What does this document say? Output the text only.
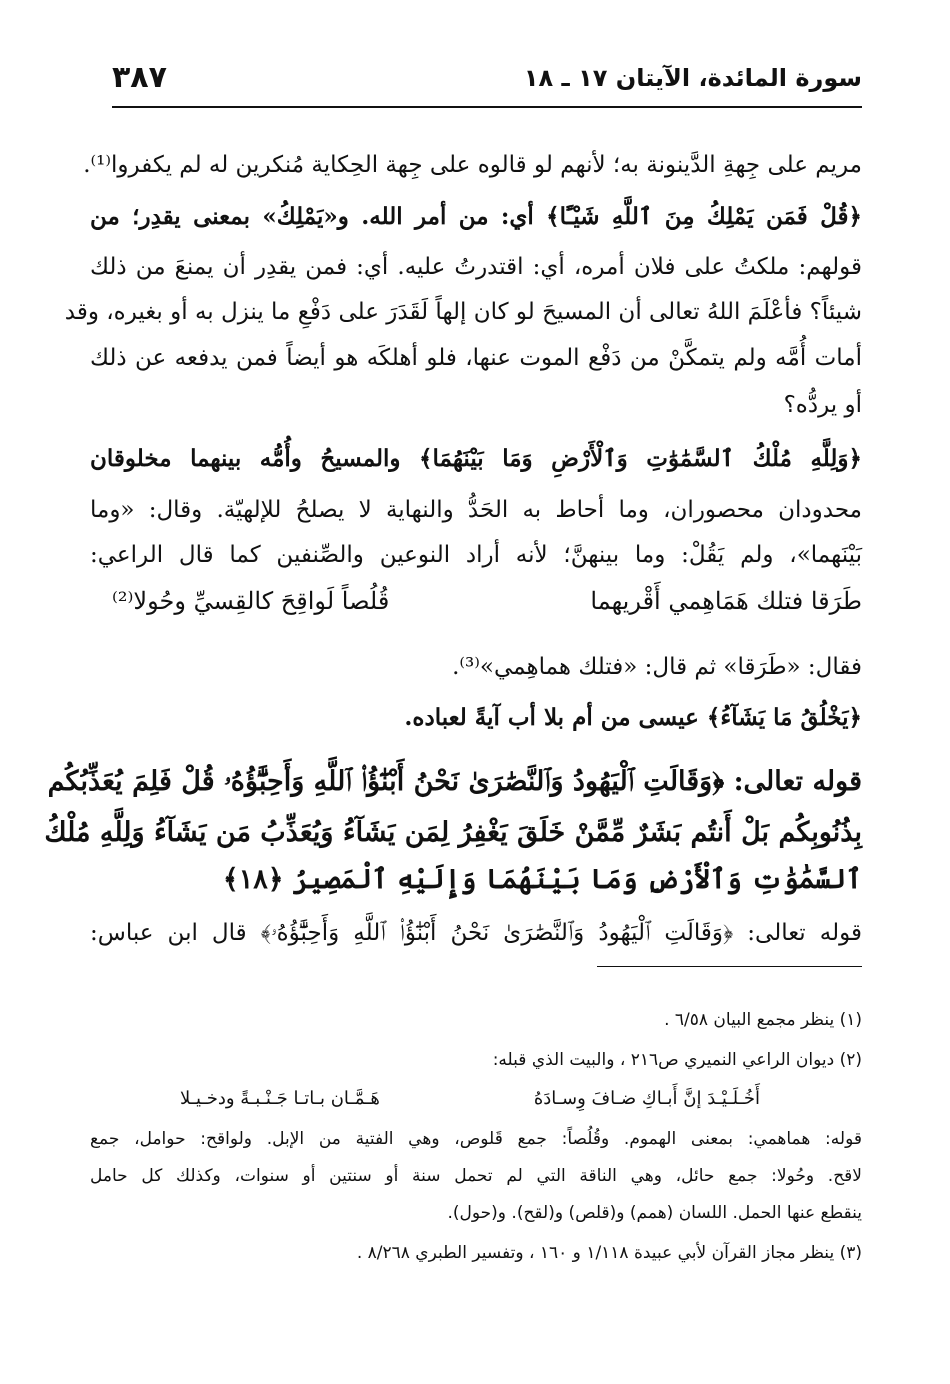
سورة المائدة، الآيتان ١٧ ـ ١٨
٣٨٧
مريم على جِهةِ الدَّينونة به؛ لأنهم لو قالوه على جِهة الحِكاية مُنكرين له لم يكفروا⁽¹⁾.
﴿قُلْ فَمَن يَمْلِكُ مِنَ ٱللَّهِ شَيْـًٔا﴾ أي: من أمر الله. و«يَمْلِكُ» بمعنى يقدِر؛ من
قولهم: ملكتُ على فلان أمره، أي: اقتدرتُ عليه. أي: فمن يقدِر أن يمنعَ من ذلك
شيئاً؟ فأعْلَمَ اللهُ تعالى أن المسيحَ لو كان إلهاً لَقَدَرَ على دَفْعِ ما ينزل به أو بغيره، وقد
أمات أُمَّه ولم يتمكَّنْ من دَفْع الموت عنها، فلو أهلكَه هو أيضاً فمن يدفعه عن ذلك
أو يردُّه؟
﴿وَلِلَّهِ مُلْكُ ٱلسَّمَٰوَٰتِ وَٱلْأَرْضِ وَمَا بَيْنَهُمَا﴾ والمسيحُ وأُمُّه بينهما مخلوقان
محدودان محصوران، وما أحاط به الحَدُّ والنهاية لا يصلحُ للإلهيّة. وقال: «وما
بَيْنَهما»، ولم يَقُلْ: وما بينهنَّ؛ لأنه أراد النوعين والصِّنفين كما قال الراعي:
طَرَقا فتلك هَمَاهِمي أَقْريهما
قُلُصاً لَواقِحَ كالقِسيِّ وحُولا⁽²⁾
فقال: «طَرَقا» ثم قال: «فتلك هماهِمي»⁽³⁾.
﴿يَخْلُقُ مَا يَشَآءُ﴾ عيسى من أم بلا أب آيةً لعباده.
قوله تعالى: ﴿وَقَالَتِ ٱلْيَهُودُ وَٱلنَّصَٰرَىٰ نَحْنُ أَبْنَٰٓؤُا۟ ٱللَّهِ وَأَحِبَّٰٓؤُهُۥ قُلْ فَلِمَ يُعَذِّبُكُم
بِذُنُوبِكُم بَلْ أَنتُم بَشَرٌ مِّمَّنْ خَلَقَ يَغْفِرُ لِمَن يَشَآءُ وَيُعَذِّبُ مَن يَشَآءُ وَلِلَّهِ مُلْكُ
ٱلسَّمَٰوَٰتِ وَٱلْأَرْضِ وَمَا بَيْنَهُمَا وَإِلَيْهِ ٱلْمَصِيرُ ﴿١٨﴾
قوله تعالى: ﴿وَقَالَتِ ٱلْيَهُودُ وَٱلنَّصَٰرَىٰ نَحْنُ أَبْنَٰٓؤُا۟ ٱللَّهِ وَأَحِبَّٰٓؤُهُۥ﴾ قال ابن عباس:
(١) ينظر مجمع البيان ٦/٥٨ .
(٢) ديوان الراعي النميري ص٢١٦ ، والبيت الذي قبله:
أَخُـلَـيْـدَ إنَّ أَبـاكِ ضـافَ وِسـادَهُ
هَـمَّـان بـاتـا جَـنْـبـةً ودخـيـلا
قوله: هماهمي: بمعنى الهموم. وقُلُصاً: جمع قَلوص، وهي الفتية من الإبل. ولواقح: حوامل، جمع
لاقح. وحُولا: جمع حائل، وهي الناقة التي لم تحمل سنة أو سنتين أو سنوات، وكذلك كل حامل
ينقطع عنها الحمل. اللسان (همم) و(قلص) و(لقح). و(حول).
(٣) ينظر مجاز القرآن لأبي عبيدة ١/١١٨ و ١٦٠ ، وتفسير الطبري ٨/٢٦٨ .
